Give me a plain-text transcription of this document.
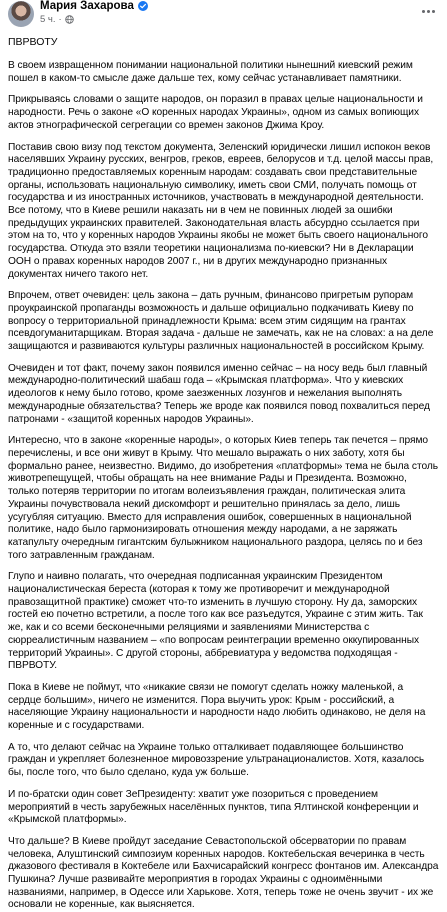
Мария Захарова
5 ч. ·

ПВРВОТУ

В своем извращенном понимании национальной политики нынешний киевский режим пошел в каком-то смысле даже дальше тех, кому сейчас устанавливает памятники.

Прикрываясь словами о защите народов, он поразил в правах целые национальности и народности. Речь о законе «О коренных народах Украины», одном из самых вопиющих актов этнографической сегрегации со времен законов Джима Кроу.

Поставив свою визу под текстом документа, Зеленский юридически лишил испокон веков населявших Украину русских, венгров, греков, евреев, белорусов и т.д. целой массы прав, традиционно предоставляемых коренным народам: создавать свои представительные органы, использовать национальную символику, иметь свои СМИ, получать помощь от государства и из иностранных источников, участвовать в международной деятельности. Все потому, что в Киеве решили наказать ни в чем не повинных людей за ошибки предыдущих украинских правителей. Законодательная власть абсурдно ссылается при этом на то, что у коренных народов Украины якобы не может быть своего национального государства. Откуда это взяли теоретики национализма по-киевски? Ни в Декларации ООН о правах коренных народов 2007 г., ни в других международно признанных документах ничего такого нет.

Впрочем, ответ очевиден: цель закона – дать ручным, финансово пригретым рупорам проукраинской пропаганды возможность и дальше официально подкачивать Киеву по вопросу о территориальной принадлежности Крыма: всем этим сидящим на грантах псевдогуманитарщикам. Вторая задача - дальше не замечать, как не на словах: а на деле защищаются и развиваются культуры различных национальностей в российском Крыму.

Очевиден и тот факт, почему закон появился именно сейчас – на носу ведь был главный международно-политический шабаш года – «Крымская платформа». Что у киевских идеологов к нему было готово, кроме заезженных лозунгов и нежелания выполнять международные обязательства? Теперь же вроде как появился повод похвалиться перед патронами - «защитой коренных народов Украины».

Интересно, что в законе «коренные народы», о которых Киев теперь так печется – прямо перечислены, и все они живут в Крыму. Что мешало выражать о них заботу, хотя бы формально ранее, неизвестно. Видимо, до изобретения «платформы» тема не была столь животрепещущей, чтобы обращать на нее внимание Рады и Президента. Возможно, только потеряв территории по итогам волеизъявления граждан, политическая элита Украины почувствовала некий дискомфорт и решительно принялась за дело, лишь усугубляя ситуацию. Вместо для исправления ошибок, совершенных в национальной политике, надо было гармонизировать отношения между народами, а не заряжать катапульту очередным гигантским булыжником национального раздора, целясь по и без того затравленным гражданам.

Глупо и наивно полагать, что очередная подписанная украинским Президентом националистическая береста (которая к тому же противоречит и международной правозащитной практике) сможет что-то изменить в лучшую сторону. Ну да, заморских гостей ею почетно встретили, а после того как все разъедутся, Украине с этим жить. Так же, как и со всеми бесконечными реляциями и заявлениями Министерства с сюрреалистичным названием – «по вопросам реинтеграции временно оккупированных территорий Украины». С другой стороны, аббревиатура у ведомства подходящая - ПВРВОТУ.

Пока в Киеве не поймут, что «никакие связи не помогут сделать ножку маленькой, а сердце большим», ничего не изменится. Пора выучить урок: Крым - российский, а населяющие Украину национальности и народности надо любить одинаково, не деля на коренные и с государствами.

А то, что делают сейчас на Украине только отталкивает подавляющее большинство граждан и укрепляет болезненное мировоззрение ультранационалистов. Хотя, казалось бы, после того, что было сделано, куда уж больше.

И по-братски один совет ЗеПрезиденту: хватит уже позориться с проведением мероприятий в честь зарубежных населённых пунктов, типа Ялтинской конференции и «Крымской платформы».

Что дальше? В Киеве пройдут заседание Севастопольской обсерватории по правам человека, Алуштинский симпозиум коренных народов. Коктебельская вечеринка в честь джазового фестиваля в Коктебеле или Бахчисарайский конгресс фонтанов им. Александра Пушкина? Лучше развивайте мероприятия в городах Украины с одноимёнными названиями, например, в Одессе или Харькове. Хотя, теперь тоже не очень звучит - их же основали не коренные, как выясняется.
